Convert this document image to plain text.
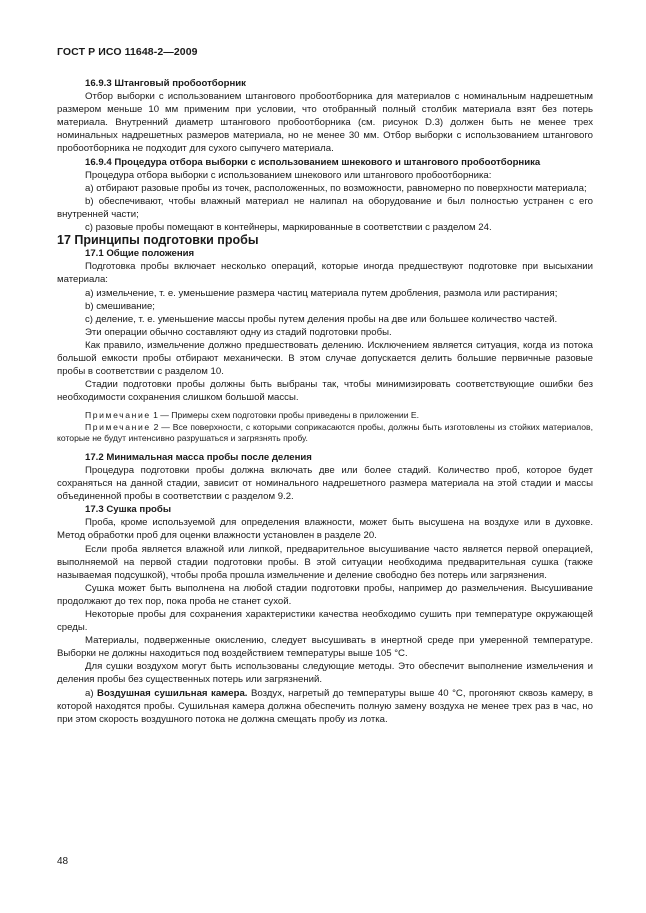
ГОСТ Р ИСО 11648-2—2009

16.9.3 Штанговый пробоотборник

Отбор выборки с использованием штангового пробоотборника для материалов с номинальным надрешетным размером меньше 10 мм применим при условии, что отобранный полный столбик материала взят без потерь материала. Внутренний диаметр штангового пробоотборника (см. рисунок D.3) должен быть не менее трех номинальных надрешетных размеров материала, но не менее 30 мм. Отбор выборки с использованием штангового пробоотборника не подходит для сухого сыпучего материала.

16.9.4 Процедура отбора выборки с использованием шнекового и штангового пробоотборника

Процедура отбора выборки с использованием шнекового или штангового пробоотборника:

a) отбирают разовые пробы из точек, расположенных, по возможности, равномерно по поверхности материала;

b) обеспечивают, чтобы влажный материал не налипал на оборудование и был полностью устранен с его внутренней части;

c) разовые пробы помещают в контейнеры, маркированные в соответствии с разделом 24.

17 Принципы подготовки пробы

17.1 Общие положения

Подготовка пробы включает несколько операций, которые иногда предшествуют подготовке при высыхании материала:

a) измельчение, т. е. уменьшение размера частиц материала путем дробления, размола или растирания;

b) смешивание;

c) деление, т. е. уменьшение массы пробы путем деления пробы на две или большее количество частей.

Эти операции обычно составляют одну из стадий подготовки пробы.

Как правило, измельчение должно предшествовать делению. Исключением является ситуация, когда из потока большой емкости пробы отбирают механически. В этом случае допускается делить большие первичные разовые пробы в соответствии с разделом 10.

Стадии подготовки пробы должны быть выбраны так, чтобы минимизировать соответствующие ошибки без необходимости сохранения слишком большой массы.

Примечание 1 — Примеры схем подготовки пробы приведены в приложении Е.

Примечание 2 — Все поверхности, с которыми соприкасаются пробы, должны быть изготовлены из стойких материалов, которые не будут интенсивно разрушаться и загрязнять пробу.

17.2 Минимальная масса пробы после деления

Процедура подготовки пробы должна включать две или более стадий. Количество проб, которое будет сохраняться на данной стадии, зависит от номинального надрешетного размера материала на этой стадии и массы объединенной пробы в соответствии с разделом 9.2.

17.3 Сушка пробы

Проба, кроме используемой для определения влажности, может быть высушена на воздухе или в духовке. Метод обработки проб для оценки влажности установлен в разделе 20.

Если проба является влажной или липкой, предварительное высушивание часто является первой операцией, выполняемой на первой стадии подготовки пробы. В этой ситуации необходима предварительная сушка (также называемая подсушкой), чтобы проба прошла измельчение и деление свободно без потерь или загрязнения.

Сушка может быть выполнена на любой стадии подготовки пробы, например до размельчения. Высушивание продолжают до тех пор, пока проба не станет сухой.

Некоторые пробы для сохранения характеристики качества необходимо сушить при температуре окружающей среды.

Материалы, подверженные окислению, следует высушивать в инертной среде при умеренной температуре. Выборки не должны находиться под воздействием температуры выше 105 °С.

Для сушки воздухом могут быть использованы следующие методы. Это обеспечит выполнение измельчения и деления пробы без существенных потерь или загрязнений.

a) Воздушная сушильная камера. Воздух, нагретый до температуры выше 40 °С, прогоняют сквозь камеру, в которой находятся пробы. Сушильная камера должна обеспечить полную замену воздуха не менее трех раз в час, но при этом скорость воздушного потока не должна смещать пробу из лотка.

48
